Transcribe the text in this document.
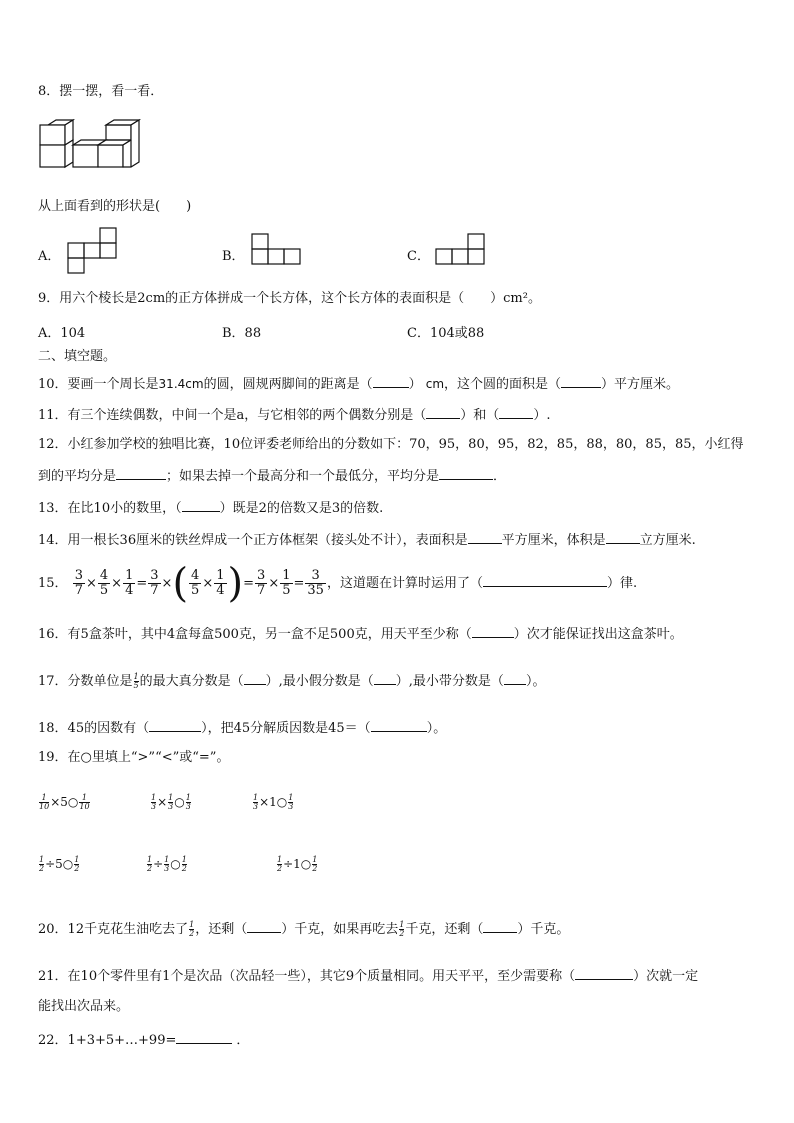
8．摆一摆，看一看．
从上面看到的形状是(　　)
A．	B．	C．
9．用六个棱长是2cm的正方体拼成一个长方体，这个长方体的表面积是（　　）cm²。
A．104	B．88	C．104或88
二、填空题。
10．要画一个周长是31.4cm的圆，圆规两脚间的距离是（	） cm，这个圆的面积是（	）平方厘米。
11．有三个连续偶数，中间一个是a，与它相邻的两个偶数分别是（	）和（	）.
12．小红参加学校的独唱比赛，10位评委老师给出的分数如下：70，95，80，95，82，85，88，80，85，85，小红得
到的平均分是	；如果去掉一个最高分和一个最低分，平均分是	．
13．在比10小的数里，（	）既是2的倍数又是3的倍数.
14．用一根长36厘米的铁丝焊成一个正方体框架（接头处不计），表面积是	平方厘米，体积是	立方厘米.
15． $\frac{3}{7} \times \frac{4}{5} \times \frac{1}{4} = \frac{3}{7}$ ×( $\frac{4}{5} \times \frac{1}{4}$ )= $\frac{3}{7} \times \frac{1}{5} = \frac{3}{35}$ ，这道题在计算时运用了（	）律.
16．有5盒茶叶，其中4盒每盒500克，另一盒不足500克，用天平至少称（	）次才能保证找出这盒茶叶。
17．分数单位是 $\frac{1}{5}$ 的最大真分数是（ ）,最小假分数是（ ）,最小带分数是（ ）。
18．45的因数有（	），把45分解质因数是45＝（	）。
19．在○里填上“>”“<”或“=”。
$\frac{1}{10}$ ×5○ $\frac{1}{10}$	$\frac{1}{3} \times \frac{1}{3}$ ○ $\frac{1}{3}$	$\frac{1}{3}$ ×1○ $\frac{1}{3}$
$\frac{1}{2}$ ÷5○ $\frac{1}{2}$	$\frac{1}{2} \div \frac{1}{3}$ ○ $\frac{1}{2}$	$\frac{1}{2}$ ÷1○ $\frac{1}{2}$
20．12千克花生油吃去了 $\frac{1}{2}$ ，还剩（	）千克，如果再吃去 $\frac{1}{2}$ 千克，还剩（	）千克。
21．在10个零件里有1个是次品（次品轻一些），其它9个质量相同。用天平平，至少需要称（	）次就一定
能找出次品来。
22．1+3+5+…+99=	．
